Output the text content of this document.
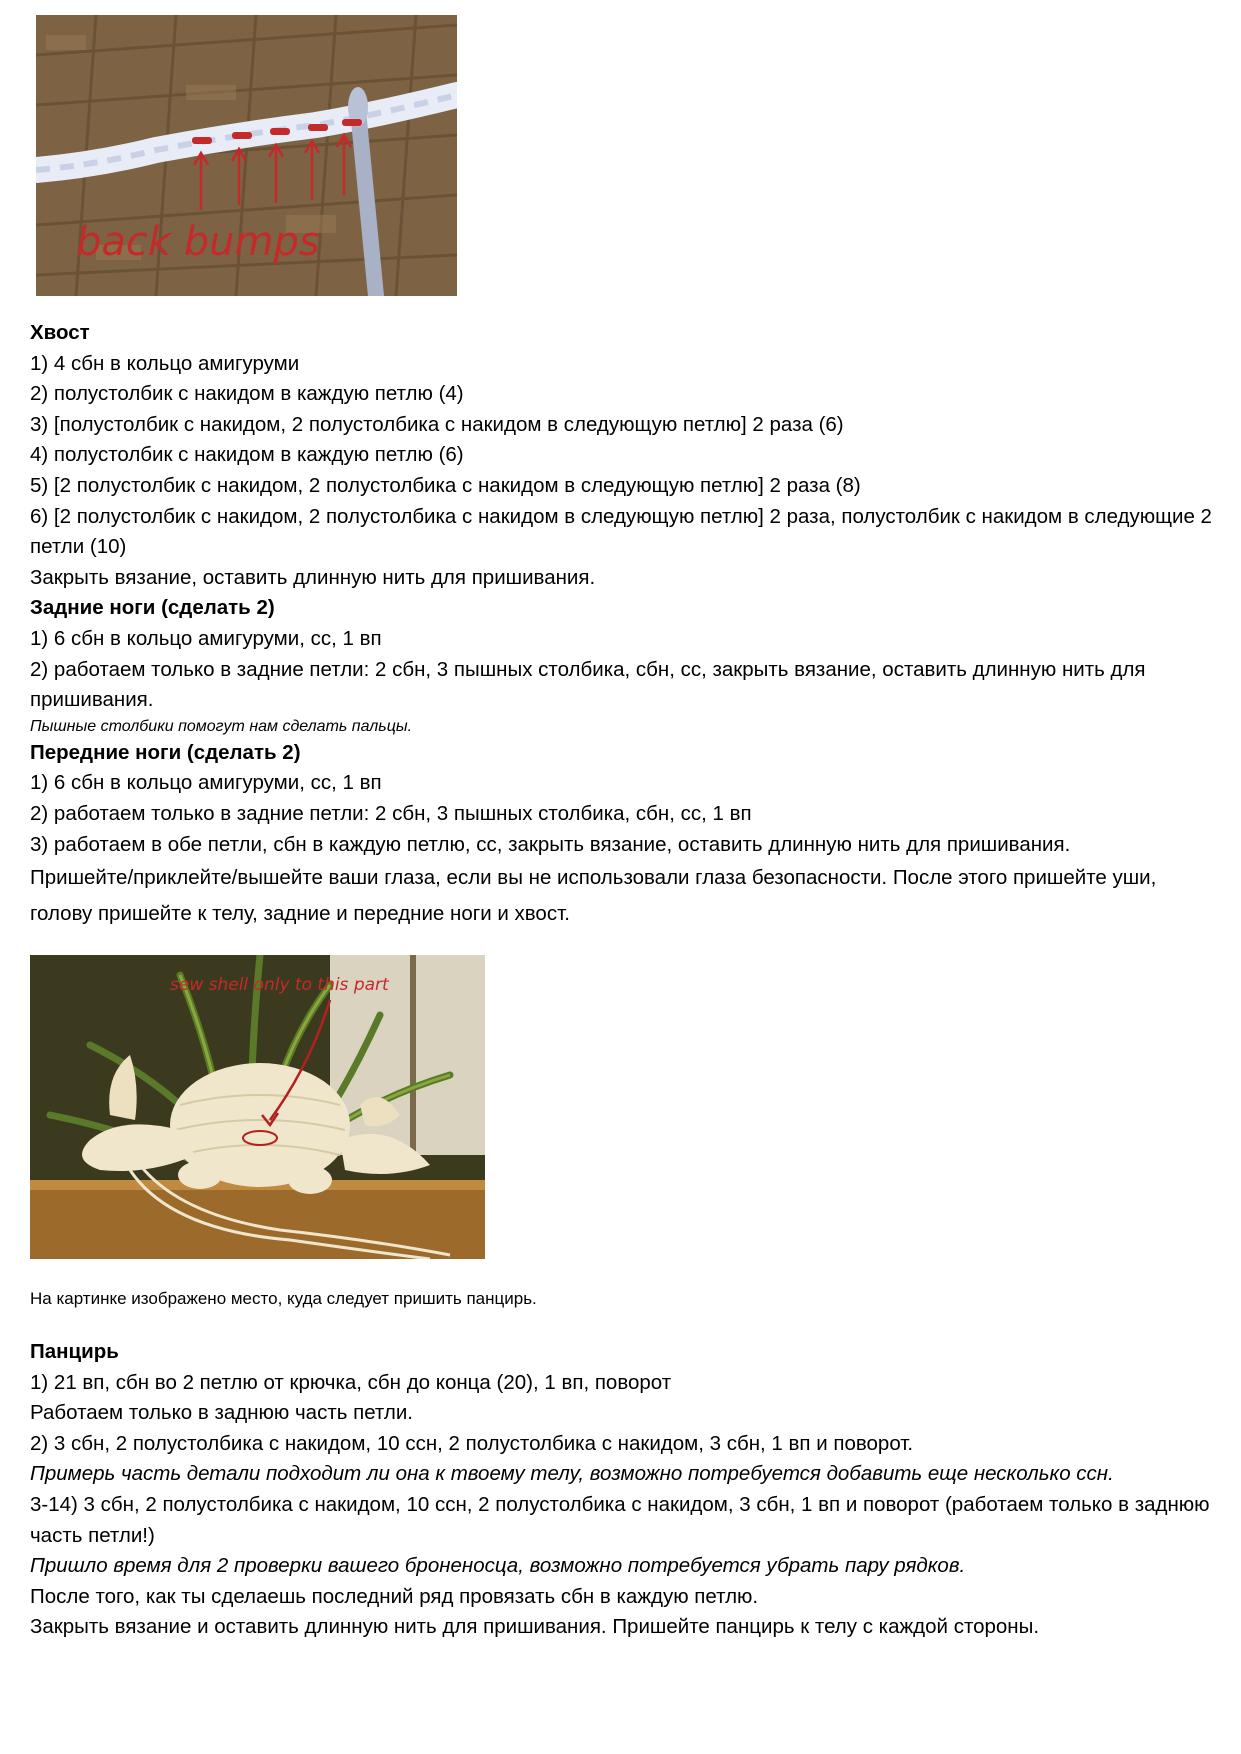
back bumps

Хвост

1) 4 сбн в кольцо амигуруми

2) полустолбик с накидом в каждую петлю (4)

3) [полустолбик с накидом, 2 полустолбика с накидом в следующую петлю] 2 раза (6)

4) полустолбик с накидом в каждую петлю (6)

5) [2 полустолбик с накидом, 2 полустолбика с накидом в следующую петлю] 2 раза (8)

6) [2 полустолбик с накидом, 2 полустолбика с накидом в следующую петлю] 2 раза, полустолбик с накидом в следующие 2 петли (10)

Закрыть вязание, оставить длинную нить для пришивания.

Задние ноги (сделать 2)

1) 6 сбн в кольцо амигуруми, сс, 1 вп

2) работаем только в задние петли: 2 сбн, 3 пышных столбика, сбн, сс, закрыть вязание, оставить длинную нить для пришивания.

Пышные столбики помогут нам сделать пальцы.

Передние ноги (сделать 2)

1) 6 сбн в кольцо амигуруми, сс, 1 вп

2) работаем только в задние петли: 2 сбн, 3 пышных столбика, сбн, сс, 1 вп

3) работаем в обе петли, сбн в каждую петлю, сс, закрыть вязание, оставить длинную нить для пришивания.

Пришейте/приклейте/вышейте ваши глаза, если вы не использовали глаза безопасности. После этого пришейте уши, голову пришейте к телу, задние и передние ноги и хвост.

sew shell only to this part

На картинке изображено место, куда следует пришить панцирь.

Панцирь

1) 21 вп, сбн во 2 петлю от крючка, сбн до конца (20), 1 вп, поворот

Работаем только в заднюю часть петли.

2) 3 сбн, 2 полустолбика с накидом, 10 ссн, 2 полустолбика с накидом, 3 сбн, 1 вп и поворот.

Примерь часть детали подходит ли она к твоему телу, возможно потребуется добавить еще несколько ссн.

3-14) 3 сбн, 2 полустолбика с накидом, 10 ссн, 2 полустолбика с накидом, 3 сбн, 1 вп и поворот (работаем только в заднюю часть петли!)

Пришло время для 2 проверки вашего броненосца, возможно потребуется убрать пару рядков.

После того, как ты сделаешь последний ряд провязать сбн в каждую петлю.

Закрыть вязание и оставить длинную нить для пришивания. Пришейте панцирь к телу с каждой стороны.
